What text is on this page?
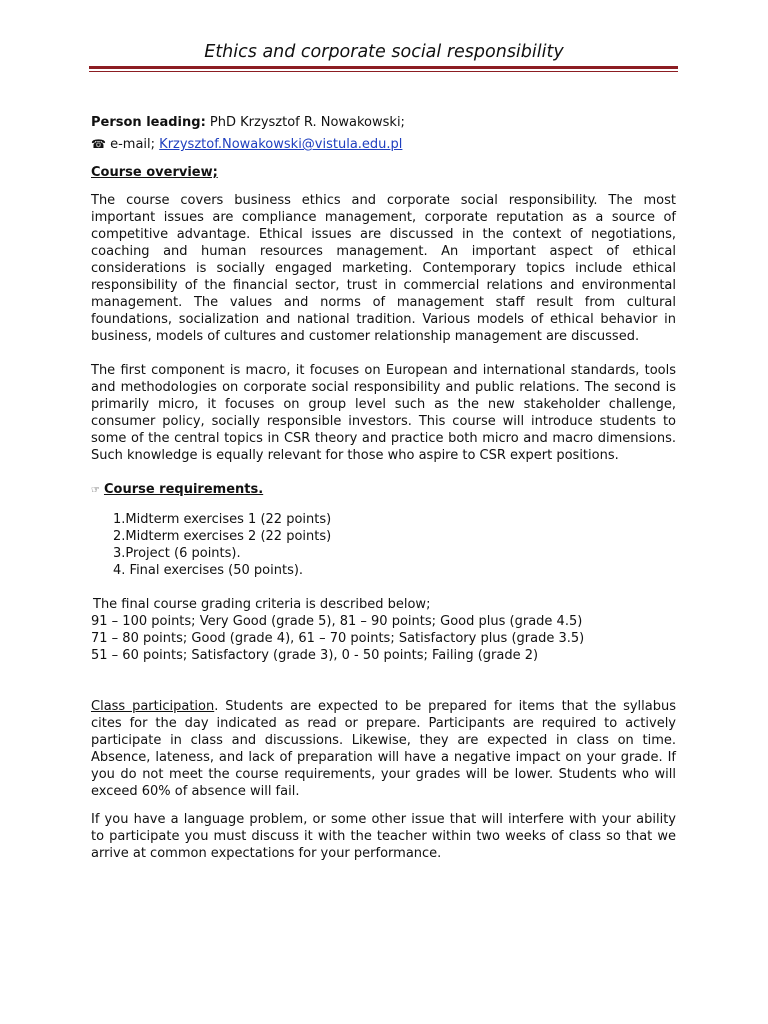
Ethics and corporate social responsibility

Person leading: PhD Krzysztof R. Nowakowski;

☎ e-mail; Krzysztof.Nowakowski@vistula.edu.pl

Course overview;

The course covers business ethics and corporate social responsibility. The most important issues are compliance management, corporate reputation as a source of competitive advantage. Ethical issues are discussed in the context of negotiations, coaching and human resources management. An important aspect of ethical considerations is socially engaged marketing. Contemporary topics include ethical responsibility of the financial sector, trust in commercial relations and environmental management. The values and norms of management staff result from cultural foundations, socialization and national tradition. Various models of ethical behavior in business, models of cultures and customer relationship management are discussed.

The first component is macro, it focuses on European and international standards, tools and methodologies on corporate social responsibility and public relations. The second is primarily micro, it focuses on group level such as the new stakeholder challenge, consumer policy, socially responsible investors. This course will introduce students to some of the central topics in CSR theory and practice both micro and macro dimensions. Such knowledge is equally relevant for those who aspire to CSR expert positions.

☞ Course requirements.

1.Midterm exercises 1 (22 points)

2.Midterm exercises 2 (22 points)

3.Project (6 points).

4. Final exercises (50 points).

The final course grading criteria is described below;

91 – 100 points; Very Good (grade 5), 81 – 90 points; Good plus (grade 4.5)

71 – 80 points; Good (grade 4), 61 – 70 points; Satisfactory plus (grade 3.5)

51 – 60 points; Satisfactory (grade 3), 0 - 50 points; Failing (grade 2)

Class participation. Students are expected to be prepared for items that the syllabus cites for the day indicated as read or prepare. Participants are required to actively participate in class and discussions. Likewise, they are expected in class on time. Absence, lateness, and lack of preparation will have a negative impact on your grade. If you do not meet the course requirements, your grades will be lower. Students who will exceed 60% of absence will fail.

If you have a language problem, or some other issue that will interfere with your ability to participate you must discuss it with the teacher within two weeks of class so that we arrive at common expectations for your performance.
